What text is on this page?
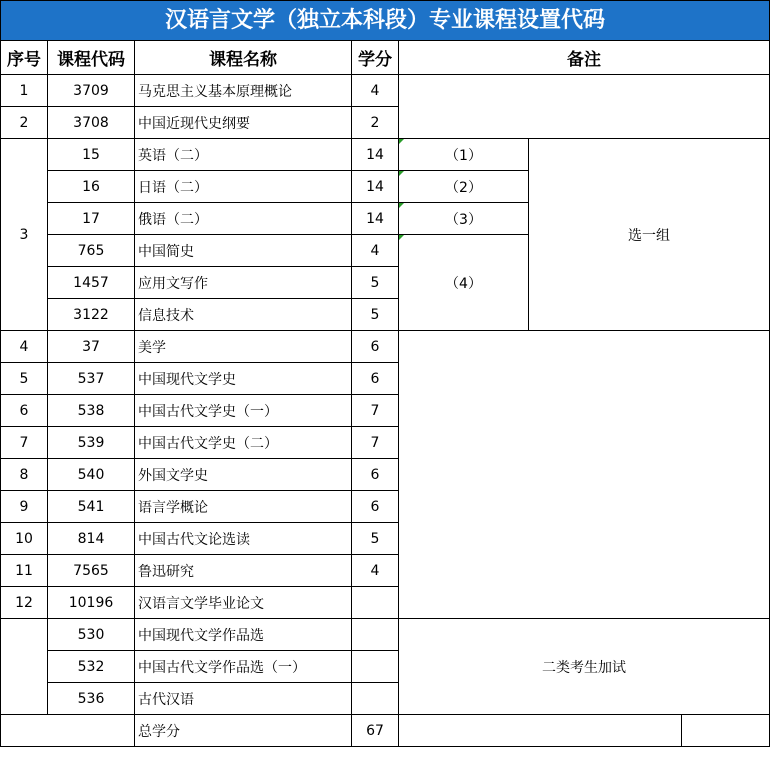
汉语言文学（独立本科段）专业课程设置代码
序号	课程代码	课程名称	学分	备注		
1	3709	马克思主义基本原理概论	4			
2	3708	中国近现代史纲要	2			
3	15	英语（二）	14	（1）	选一组	
	16	日语（二）	14	（2）		
	17	俄语（二）	14	（3）		
	765	中国简史	4	（4）		
	1457	应用文写作	5			
	3122	信息技术	5			
4	37	美学	6			
5	537	中国现代文学史	6			
6	538	中国古代文学史（一）	7			
7	539	中国古代文学史（二）	7			
8	540	外国文学史	6			
9	541	语言学概论	6			
10	814	中国古代文论选读	5			
11	7565	鲁迅研究	4			
12	10196	汉语言文学毕业论文				
	530	中国现代文学作品选		二类考生加试		
	532	中国古代文学作品选（一）				
	536	古代汉语				
		总学分	67			
